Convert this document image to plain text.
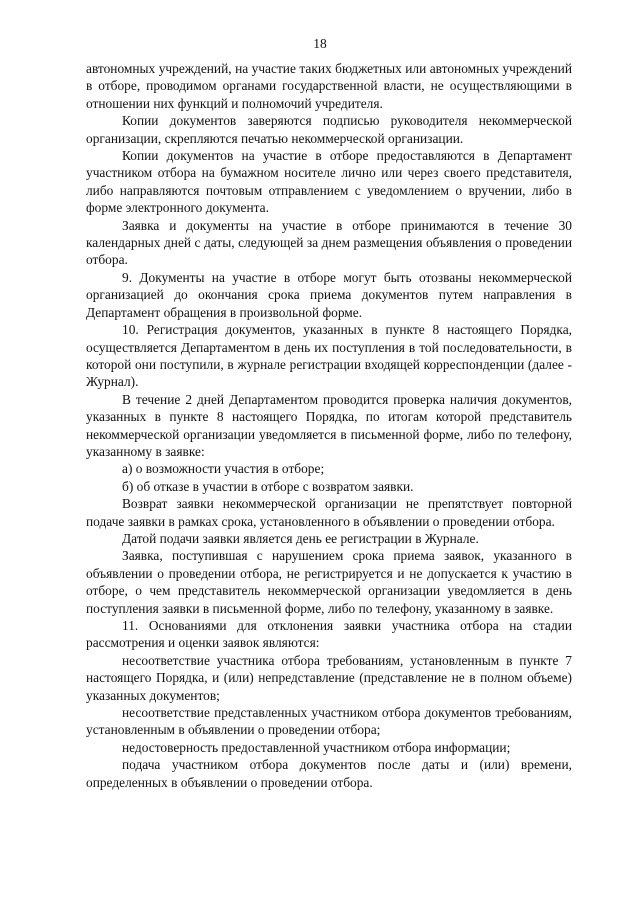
18

автономных учреждений, на участие таких бюджетных или автономных учреждений в отборе, проводимом органами государственной власти, не осуществляющими в отношении них функций и полномочий учредителя.

Копии документов заверяются подписью руководителя некоммерческой организации, скрепляются печатью некоммерческой организации.

Копии документов на участие в отборе предоставляются в Департамент участником отбора на бумажном носителе лично или через своего представителя, либо направляются почтовым отправлением с уведомлением о вручении, либо в форме электронного документа.

Заявка и документы на участие в отборе принимаются в течение 30 календарных дней с даты, следующей за днем размещения объявления о проведении отбора.

9. Документы на участие в отборе могут быть отозваны некоммерческой организацией до окончания срока приема документов путем направления в Департамент обращения в произвольной форме.

10. Регистрация документов, указанных в пункте 8 настоящего Порядка, осуществляется Департаментом в день их поступления в той последовательности, в которой они поступили, в журнале регистрации входящей корреспонденции (далее - Журнал).

В течение 2 дней Департаментом проводится проверка наличия документов, указанных в пункте 8 настоящего Порядка, по итогам которой представитель некоммерческой организации уведомляется в письменной форме, либо по телефону, указанному в заявке:

а) о возможности участия в отборе;

б) об отказе в участии в отборе с возвратом заявки.

Возврат заявки некоммерческой организации не препятствует повторной подаче заявки в рамках срока, установленного в объявлении о проведении отбора.

Датой подачи заявки является день ее регистрации в Журнале.

Заявка, поступившая с нарушением срока приема заявок, указанного в объявлении о проведении отбора, не регистрируется и не допускается к участию в отборе, о чем представитель некоммерческой организации уведомляется в день поступления заявки в письменной форме, либо по телефону, указанному в заявке.

11. Основаниями для отклонения заявки участника отбора на стадии рассмотрения и оценки заявок являются:

несоответствие участника отбора требованиям, установленным в пункте 7 настоящего Порядка, и (или) непредставление (представление не в полном объеме) указанных документов;

несоответствие представленных участником отбора документов требованиям, установленным в объявлении о проведении отбора;

недостоверность предоставленной участником отбора информации;

подача участником отбора документов после даты и (или) времени, определенных в объявлении о проведении отбора.
